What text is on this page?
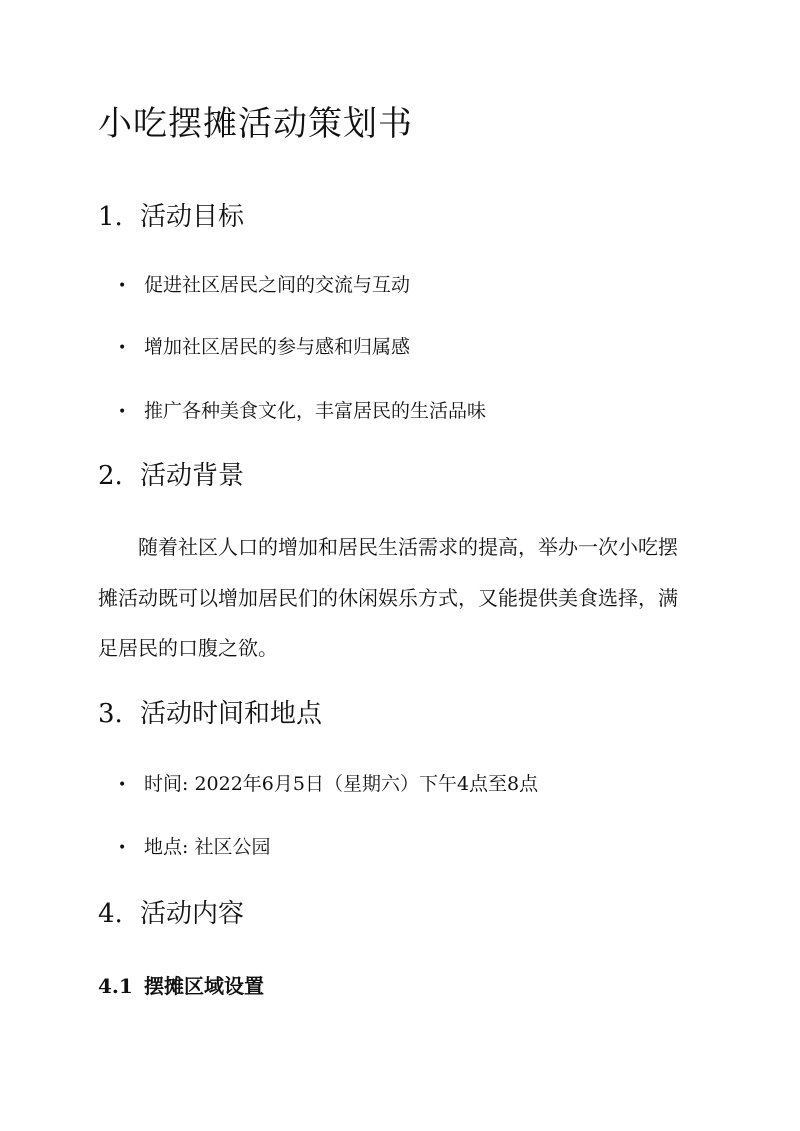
小吃摆摊活动策划书
1. 活动目标

• 促进社区居民之间的交流与互动

• 增加社区居民的参与感和归属感

• 推广各种美食文化，丰富居民的生活品味

2. 活动背景

随着社区人口的增加和居民生活需求的提高，举办一次小吃摆

摊活动既可以增加居民们的休闲娱乐方式，又能提供美食选择，满

足居民的口腹之欲。

3. 活动时间和地点

• 时间: 2022年6月5日（星期六）下午4点至8点

• 地点: 社区公园

4. 活动内容
4.1 摆摊区域设置
